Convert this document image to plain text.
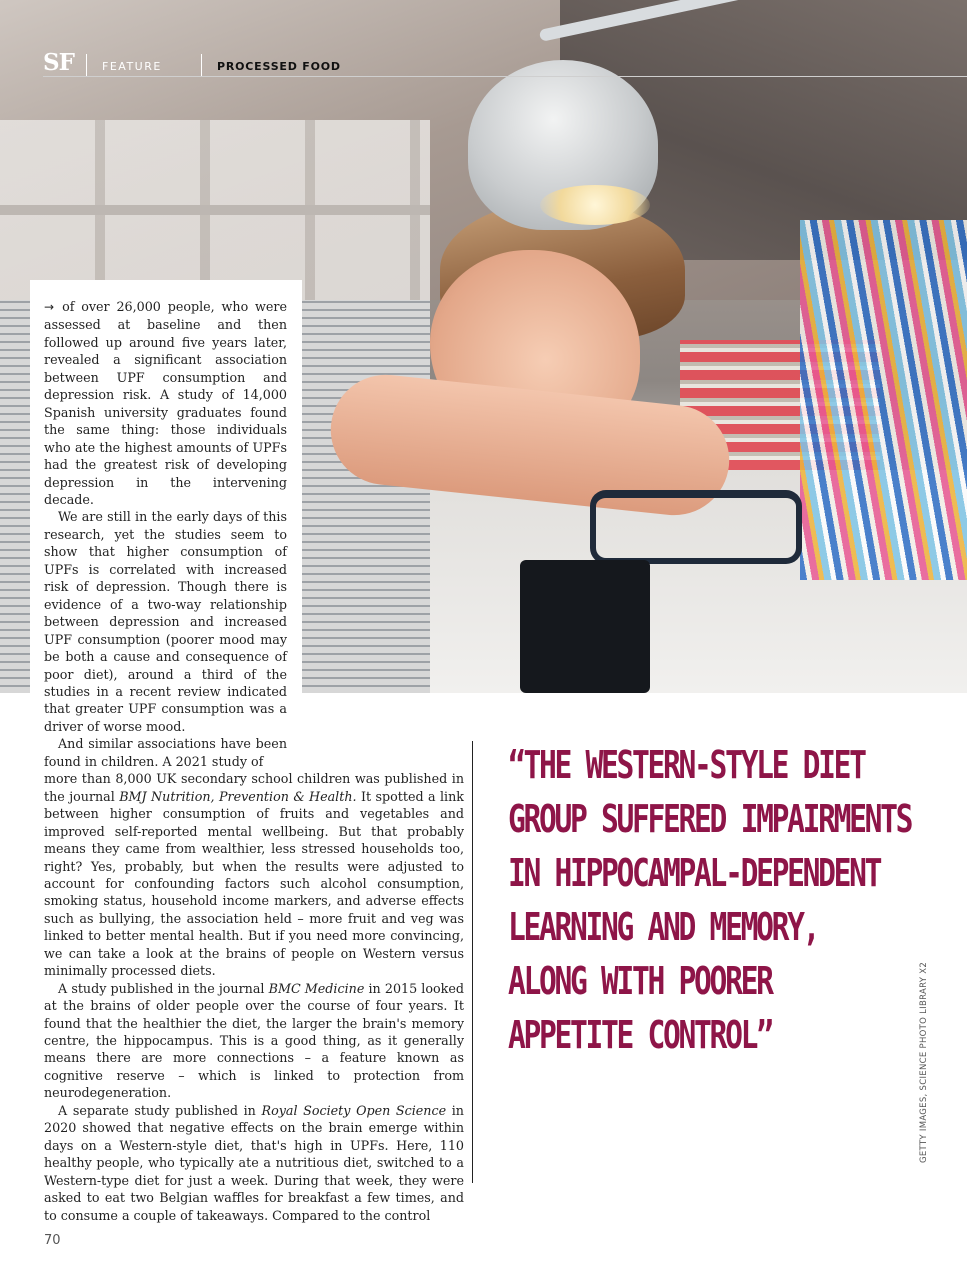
SF	FEATURE	PROCESSED FOOD

→ of over 26,000 people, who were assessed at baseline and then followed up around five years later, revealed a significant association between UPF consumption and depression risk. A study of 14,000 Spanish university graduates found the same thing: those individuals who ate the highest amounts of UPFs had the greatest risk of developing depression in the intervening decade.

We are still in the early days of this research, yet the studies seem to show that higher consumption of UPFs is correlated with increased risk of depression. Though there is evidence of a two-way relationship between depression and increased UPF consumption (poorer mood may be both a cause and consequence of poor diet), around a third of the studies in a recent review indicated that greater UPF consumption was a driver of worse mood.

And similar associations have been found in children. A 2021 study of

more than 8,000 UK secondary school children was published in the journal BMJ Nutrition, Prevention & Health. It spotted a link between higher consumption of fruits and vegetables and improved self-reported mental wellbeing. But that probably means they came from wealthier, less stressed households too, right? Yes, probably, but when the results were adjusted to account for confounding factors such alcohol consumption, smoking status, household income markers, and adverse effects such as bullying, the association held – more fruit and veg was linked to better mental health. But if you need more convincing, we can take a look at the brains of people on Western versus minimally processed diets.

A study published in the journal BMC Medicine in 2015 looked at the brains of older people over the course of four years. It found that the healthier the diet, the larger the brain's memory centre, the hippocampus. This is a good thing, as it generally means there are more connections – a feature known as cognitive reserve – which is linked to protection from neurodegeneration.

A separate study published in Royal Society Open Science in 2020 showed that negative effects on the brain emerge within days on a Western-style diet, that's high in UPFs. Here, 110 healthy people, who typically ate a nutritious diet, switched to a Western-type diet for just a week. During that week, they were asked to eat two Belgian waffles for breakfast a few times, and to consume a couple of takeaways. Compared to the control

“THE WESTERN-STYLE DIET
GROUP SUFFERED IMPAIRMENTS
IN HIPPOCAMPAL-DEPENDENT
LEARNING AND MEMORY,
ALONG WITH POORER
APPETITE CONTROL”	GETTY IMAGES, SCIENCE PHOTO LIBRARY X2
70
